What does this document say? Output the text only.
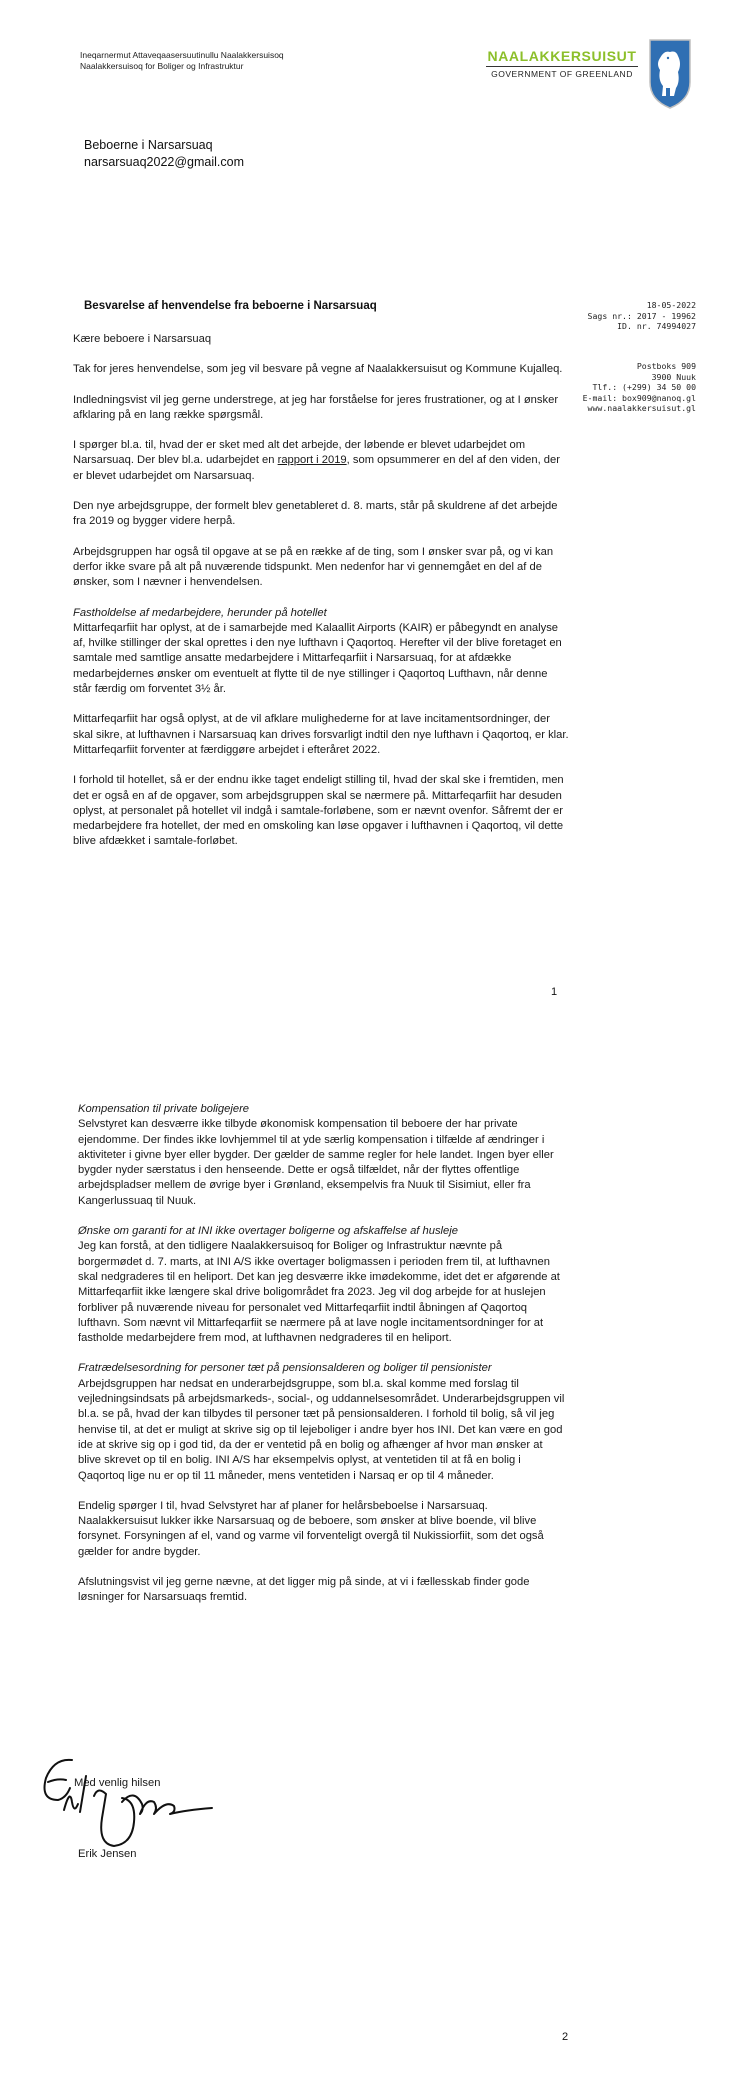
Ineqarnermut Attaveqaasersuutinullu Naalakkersuisoq
Naalakkersuisoq for Boliger og Infrastruktur
NAALAKKERSUISUT
GOVERNMENT OF GREENLAND
Beboerne i Narsarsuaq
narsarsuaq2022@gmail.com
Besvarelse af henvendelse fra beboerne i Narsarsuaq	18-05-2022
Sags nr.: 2017 - 19962
ID. nr. 74994027
Postboks 909
3900 Nuuk
Tlf.: (+299) 34 50 00
E-mail: box909@nanoq.gl
www.naalakkersuisut.gl

Kære beboere i Narsarsuaq

Tak for jeres henvendelse, som jeg vil besvare på vegne af Naalakkersuisut og Kommune Kujalleq.

Indledningsvist vil jeg gerne understrege, at jeg har forståelse for jeres frustrationer, og at I ønsker afklaring på en lang række spørgsmål.

I spørger bl.a. til, hvad der er sket med alt det arbejde, der løbende er blevet udarbejdet om Narsarsuaq. Der blev bl.a. udarbejdet en rapport i 2019, som opsummerer en del af den viden, der er blevet udarbejdet om Narsarsuaq.

Den nye arbejdsgruppe, der formelt blev genetableret d. 8. marts, står på skuldrene af det arbejde fra 2019 og bygger videre herpå.

Arbejdsgruppen har også til opgave at se på en række af de ting, som I ønsker svar på, og vi kan derfor ikke svare på alt på nuværende tidspunkt. Men nedenfor har vi gennemgået en del af de ønsker, som I nævner i henvendelsen.

Fastholdelse af medarbejdere, herunder på hotellet

Mittarfeqarfiit har oplyst, at de i samarbejde med Kalaallit Airports (KAIR) er påbegyndt en analyse af, hvilke stillinger der skal oprettes i den nye lufthavn i Qaqortoq. Herefter vil der blive foretaget en samtale med samtlige ansatte medarbejdere i Mittarfeqarfiit i Narsarsuaq, for at afdække medarbejdernes ønsker om eventuelt at flytte til de nye stillinger i Qaqortoq Lufthavn, når denne står færdig om forventet 3½ år.

Mittarfeqarfiit har også oplyst, at de vil afklare mulighederne for at lave incitamentsordninger, der skal sikre, at lufthavnen i Narsarsuaq kan drives forsvarligt indtil den nye lufthavn i Qaqortoq, er klar. Mittarfeqarfiit forventer at færdiggøre arbejdet i efteråret 2022.

I forhold til hotellet, så er der endnu ikke taget endeligt stilling til, hvad der skal ske i fremtiden, men det er også en af de opgaver, som arbejdsgruppen skal se nærmere på. Mittarfeqarfiit har desuden oplyst, at personalet på hotellet vil indgå i samtale-forløbene, som er nævnt ovenfor. Såfremt der er medarbejdere fra hotellet, der med en omskoling kan løse opgaver i lufthavnen i Qaqortoq, vil dette blive afdækket i samtale-forløbet.

1

Kompensation til private boligejere

Selvstyret kan desværre ikke tilbyde økonomisk kompensation til beboere der har private ejendomme. Der findes ikke lovhjemmel til at yde særlig kompensation i tilfælde af ændringer i aktiviteter i givne byer eller bygder. Der gælder de samme regler for hele landet. Ingen byer eller bygder nyder særstatus i den henseende. Dette er også tilfældet, når der flyttes offentlige arbejdspladser mellem de øvrige byer i Grønland, eksempelvis fra Nuuk til Sisimiut, eller fra Kangerlussuaq til Nuuk.

Ønske om garanti for at INI ikke overtager boligerne og afskaffelse af husleje

Jeg kan forstå, at den tidligere Naalakkersuisoq for Boliger og Infrastruktur nævnte på borgermødet d. 7. marts, at INI A/S ikke overtager boligmassen i perioden frem til, at lufthavnen skal nedgraderes til en heliport. Det kan jeg desværre ikke imødekomme, idet det er afgørende at Mittarfeqarfiit ikke længere skal drive boligområdet fra 2023. Jeg vil dog arbejde for at huslejen forbliver på nuværende niveau for personalet ved Mittarfeqarfiit indtil åbningen af Qaqortoq lufthavn. Som nævnt vil Mittarfeqarfiit se nærmere på at lave nogle incitamentsordninger for at fastholde medarbejdere frem mod, at lufthavnen nedgraderes til en heliport.

Fratrædelsesordning for personer tæt på pensionsalderen og boliger til pensionister

Arbejdsgruppen har nedsat en underarbejdsgruppe, som bl.a. skal komme med forslag til vejledningsindsats på arbejdsmarkeds-, social-, og uddannelsesområdet. Underarbejdsgruppen vil bl.a. se på, hvad der kan tilbydes til personer tæt på pensionsalderen. I forhold til bolig, så vil jeg henvise til, at det er muligt at skrive sig op til lejeboliger i andre byer hos INI. Det kan være en god ide at skrive sig op i god tid, da der er ventetid på en bolig og afhænger af hvor man ønsker at blive skrevet op til en bolig. INI A/S har eksempelvis oplyst, at ventetiden til at få en bolig i Qaqortoq lige nu er op til 11 måneder, mens ventetiden i Narsaq er op til 4 måneder.

Endelig spørger I til, hvad Selvstyret har af planer for helårsbeboelse i Narsarsuaq. Naalakkersuisut lukker ikke Narsarsuaq og de beboere, som ønsker at blive boende, vil blive forsynet. Forsyningen af el, vand og varme vil forventeligt overgå til Nukissiorfiit, som det også gælder for andre bygder.

Afslutningsvist vil jeg gerne nævne, at det ligger mig på sinde, at vi i fællesskab finder gode løsninger for Narsarsuaqs fremtid.

Med venlig hilsen
Erik Jensen
2
